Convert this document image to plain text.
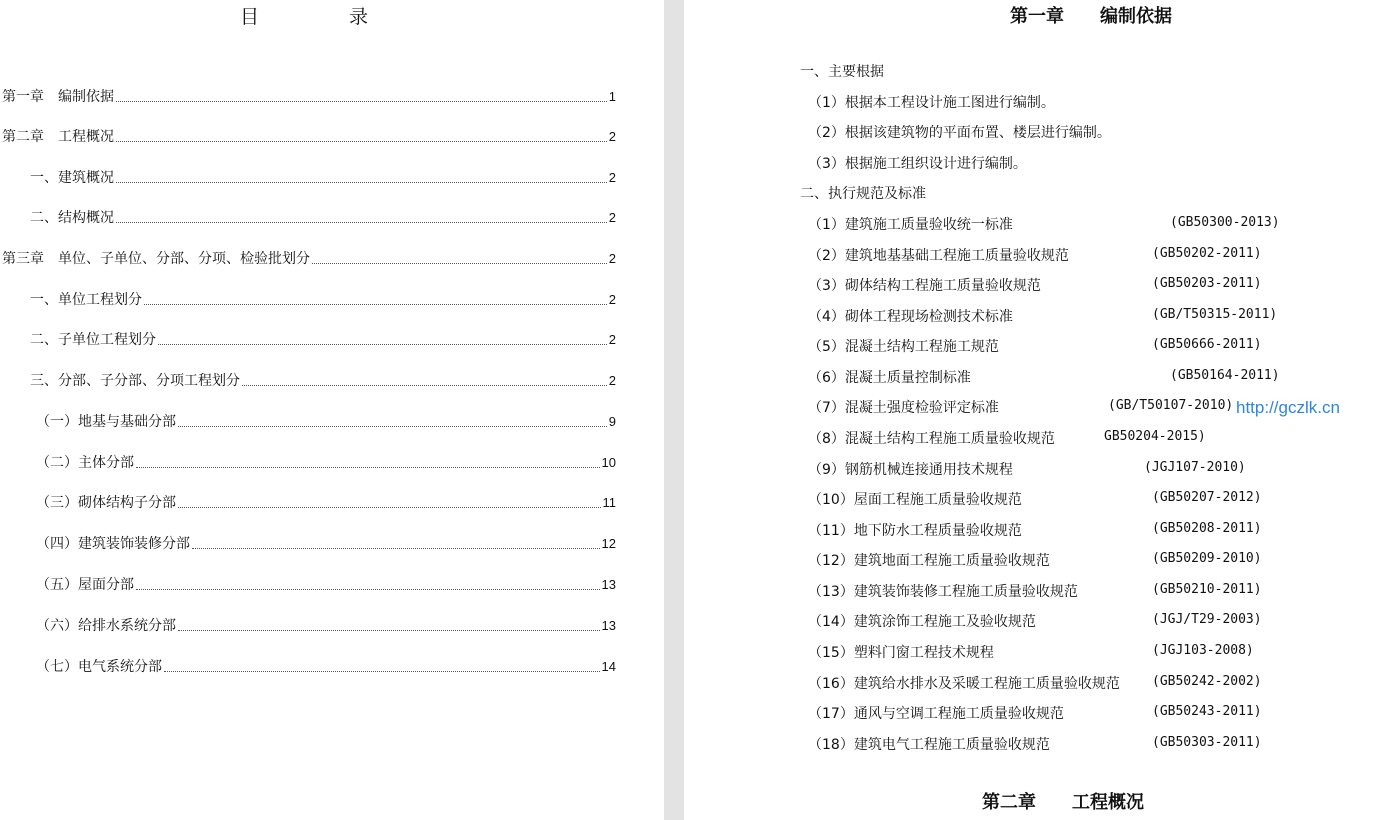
目 录
第一章　编制依据	1
第二章　工程概况	2
一、建筑概况	2
二、结构概况	2
第三章　单位、子单位、分部、分项、检验批划分	2
一、单位工程划分	2
二、子单位工程划分	2
三、分部、子分部、分项工程划分	2
（一）地基与基础分部	9
（二）主体分部	10
（三）砌体结构子分部	11
（四）建筑装饰装修分部	12
（五）屋面分部	13
（六）给排水系统分部	13
（七）电气系统分部	14
第一章　　编制依据
一、主要根据
（1）根据本工程设计施工图进行编制。
（2）根据该建筑物的平面布置、楼层进行编制。
（3）根据施工组织设计进行编制。
二、执行规范及标准
（1）建筑施工质量验收统一标准	(GB50300-2013)
（2）建筑地基基础工程施工质量验收规范	(GB50202-2011)
（3）砌体结构工程施工质量验收规范	(GB50203-2011)
（4）砌体工程现场检测技术标准	(GB/T50315-2011)
（5）混凝土结构工程施工规范	(GB50666-2011)
（6）混凝土质量控制标准	(GB50164-2011)
（7）混凝土强度检验评定标准	(GB/T50107-2010)
（8）混凝土结构工程施工质量验收规范	GB50204-2015)
（9）钢筋机械连接通用技术规程	(JGJ107-2010)
（10）屋面工程施工质量验收规范	(GB50207-2012)
（11）地下防水工程质量验收规范	(GB50208-2011)
（12）建筑地面工程施工质量验收规范	(GB50209-2010)
（13）建筑装饰装修工程施工质量验收规范	(GB50210-2011)
（14）建筑涂饰工程施工及验收规范	(JGJ/T29-2003)
（15）塑料门窗工程技术规程	(JGJ103-2008)
（16）建筑给水排水及采暖工程施工质量验收规范 (GB50242-2002)
（17）通风与空调工程施工质量验收规范	(GB50243-2011)
（18）建筑电气工程施工质量验收规范	(GB50303-2011)
第二章　　工程概况
http://gczlk.cn
